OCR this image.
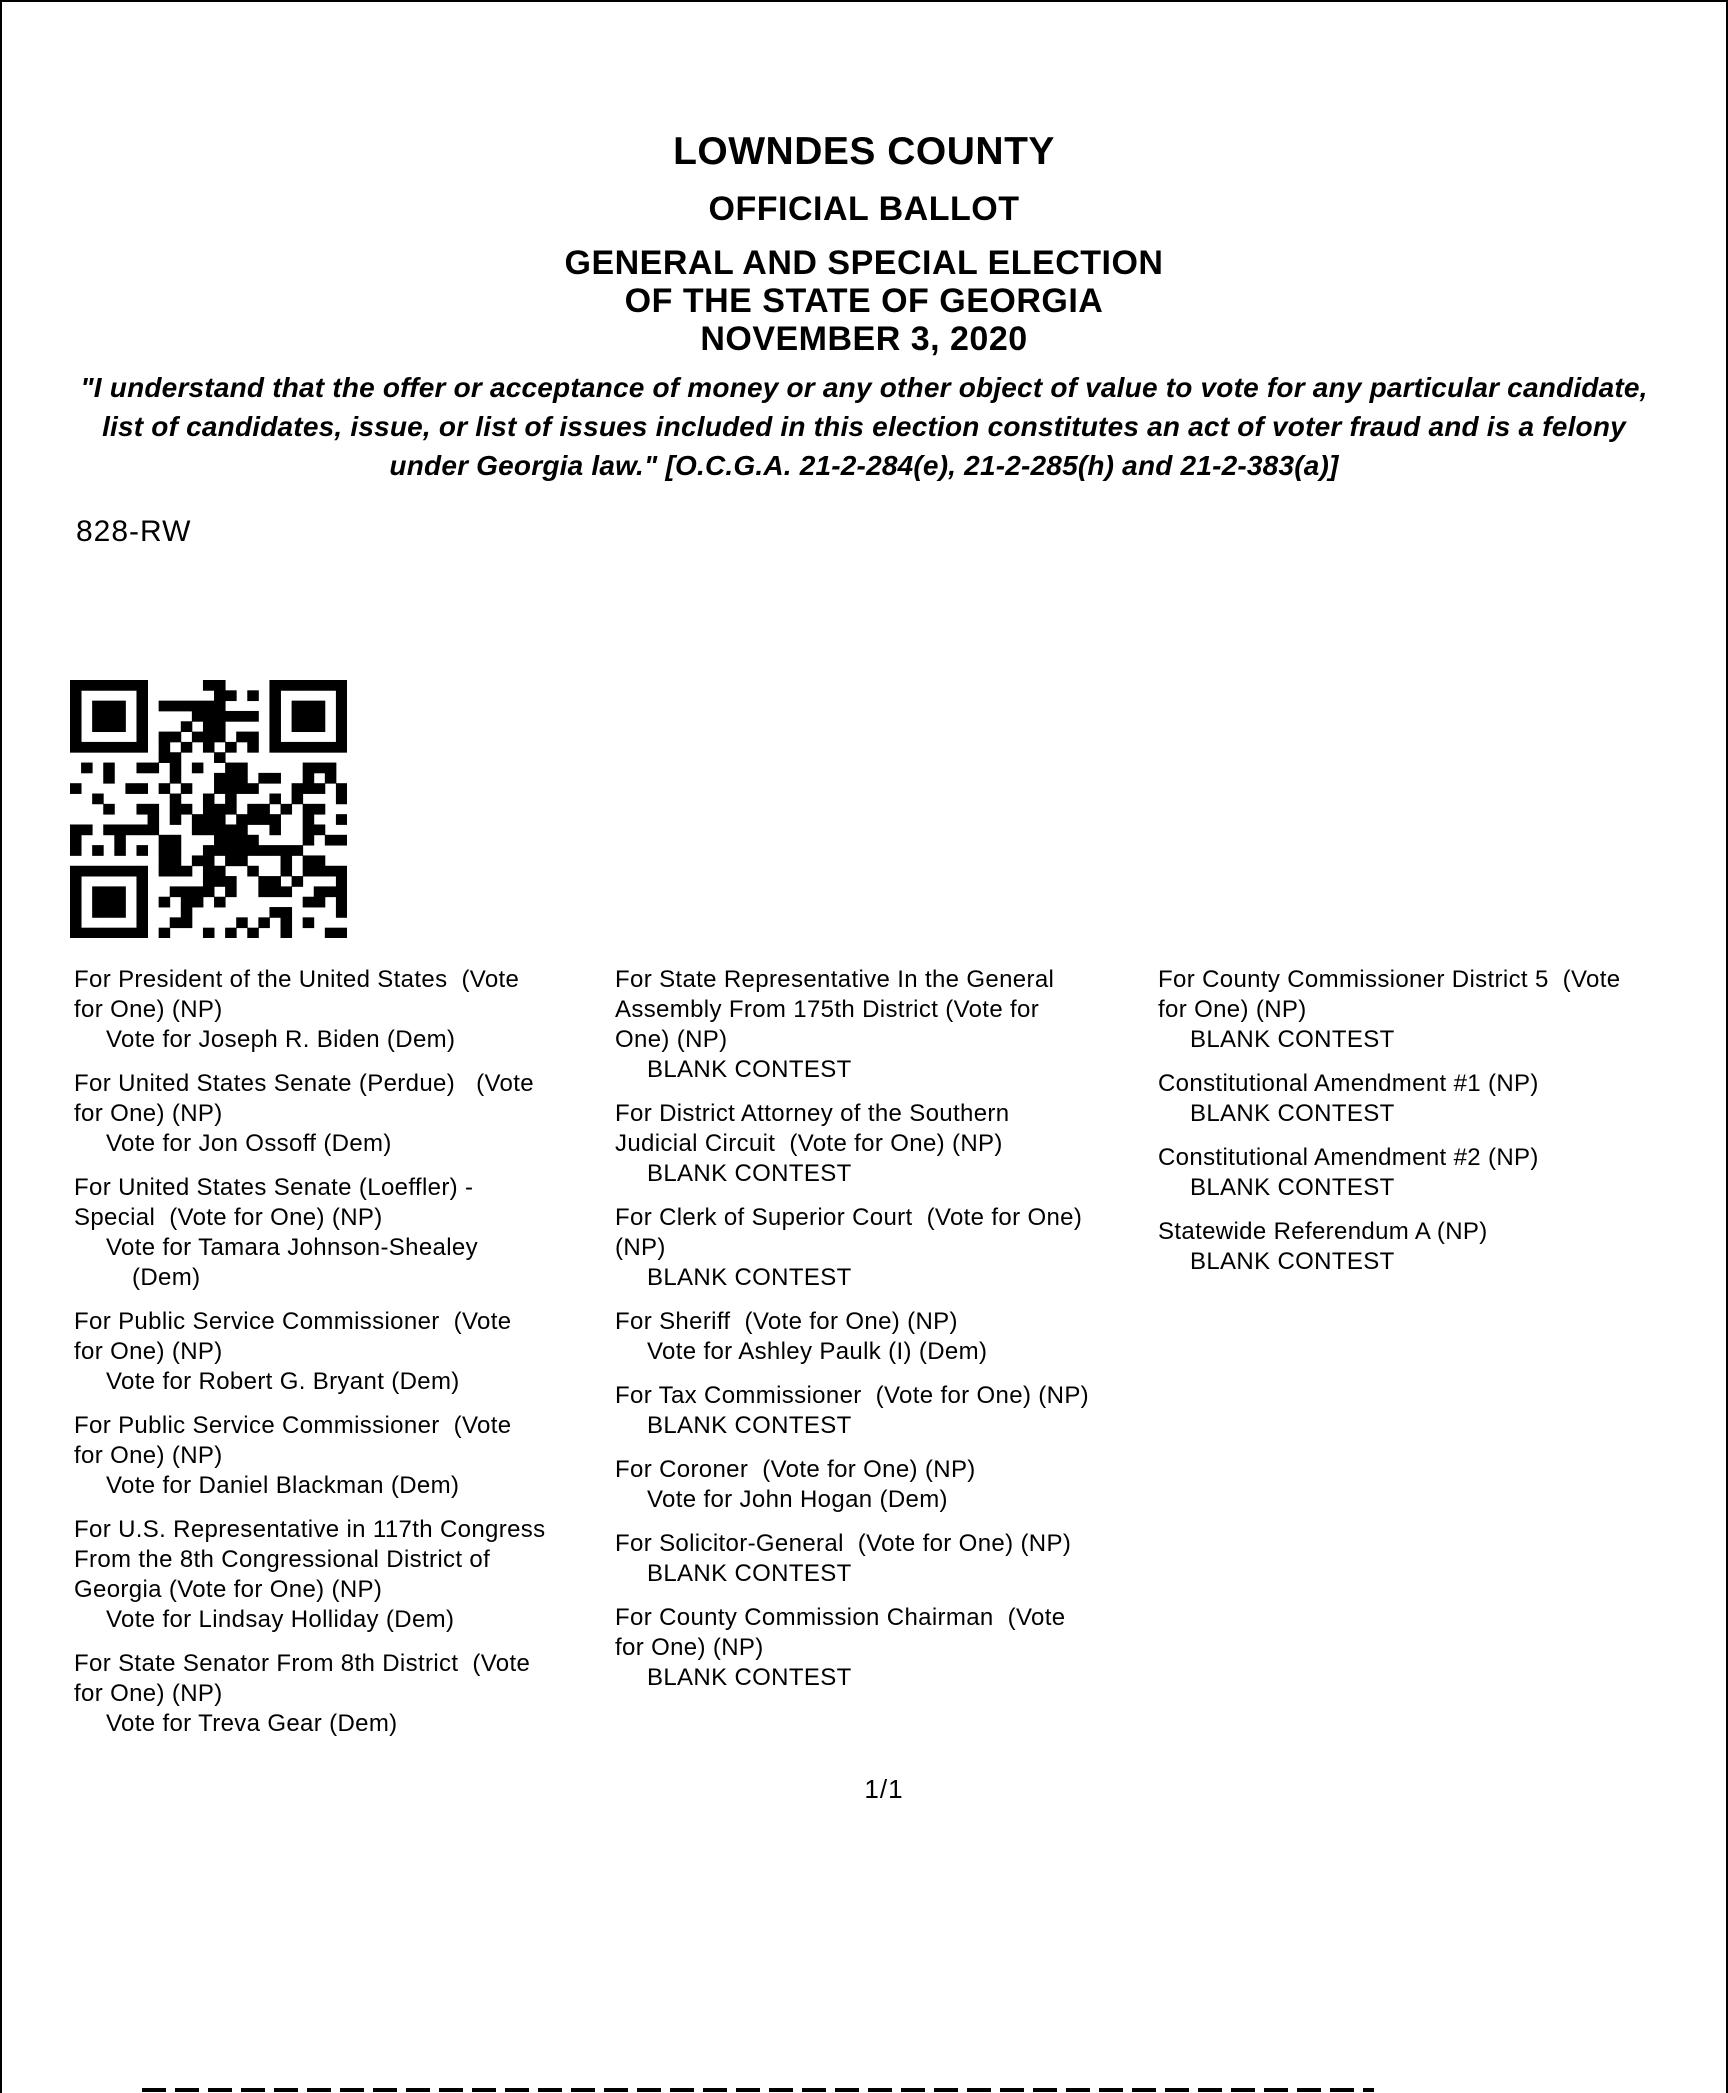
LOWNDES COUNTY
OFFICIAL BALLOT
GENERAL AND SPECIAL ELECTION
OF THE STATE OF GEORGIA
NOVEMBER 3, 2020
"I understand that the offer or acceptance of money or any other object of value to vote for any particular candidate,
list of candidates, issue, or list of issues included in this election constitutes an act of voter fraud and is a felony
under Georgia law." [O.C.G.A. 21-2-284(e), 21-2-285(h) and 21-2-383(a)]
828-RW
For President of the United States  (Vote
for One) (NP)
Vote for Joseph R. Biden (Dem)
For United States Senate (Perdue)   (Vote
for One) (NP)
Vote for Jon Ossoff (Dem)
For United States Senate (Loeffler) -
Special  (Vote for One) (NP)
Vote for Tamara Johnson-Shealey
(Dem)
For Public Service Commissioner  (Vote
for One) (NP)
Vote for Robert G. Bryant (Dem)
For Public Service Commissioner  (Vote
for One) (NP)
Vote for Daniel Blackman (Dem)
For U.S. Representative in 117th Congress
From the 8th Congressional District of
Georgia (Vote for One) (NP)
Vote for Lindsay Holliday (Dem)
For State Senator From 8th District  (Vote
for One) (NP)
Vote for Treva Gear (Dem)
For State Representative In the General
Assembly From 175th District (Vote for
One) (NP)
BLANK CONTEST
For District Attorney of the Southern
Judicial Circuit  (Vote for One) (NP)
BLANK CONTEST
For Clerk of Superior Court  (Vote for One)
(NP)
BLANK CONTEST
For Sheriff  (Vote for One) (NP)
Vote for Ashley Paulk (I) (Dem)
For Tax Commissioner  (Vote for One) (NP)
BLANK CONTEST
For Coroner  (Vote for One) (NP)
Vote for John Hogan (Dem)
For Solicitor-General  (Vote for One) (NP)
BLANK CONTEST
For County Commission Chairman  (Vote
for One) (NP)
BLANK CONTEST
For County Commissioner District 5  (Vote
for One) (NP)
BLANK CONTEST
Constitutional Amendment #1 (NP)
BLANK CONTEST
Constitutional Amendment #2 (NP)
BLANK CONTEST
Statewide Referendum A (NP)
BLANK CONTEST
1/1
